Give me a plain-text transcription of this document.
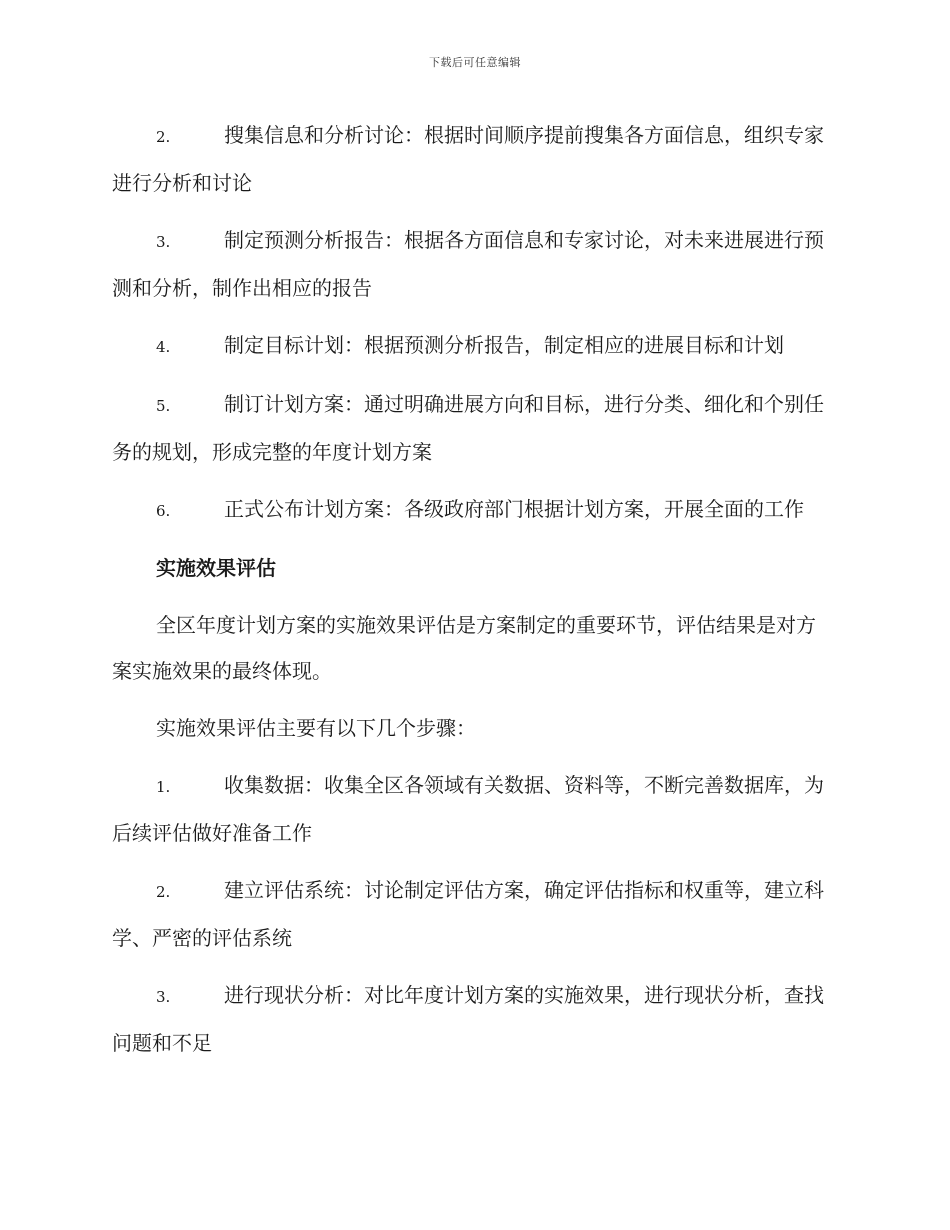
下载后可任意编辑

2.	搜集信息和分析讨论：根据时间顺序提前搜集各方面信息，组织专家进行分析和讨论

3.	制定预测分析报告：根据各方面信息和专家讨论，对未来进展进行预测和分析，制作出相应的报告

4.	制定目标计划：根据预测分析报告，制定相应的进展目标和计划

5.	制订计划方案：通过明确进展方向和目标，进行分类、细化和个别任务的规划，形成完整的年度计划方案

6.	正式公布计划方案：各级政府部门根据计划方案，开展全面的工作

实施效果评估

全区年度计划方案的实施效果评估是方案制定的重要环节，评估结果是对方案实施效果的最终体现。

实施效果评估主要有以下几个步骤：

1.	收集数据：收集全区各领域有关数据、资料等，不断完善数据库，为后续评估做好准备工作

2.	建立评估系统：讨论制定评估方案，确定评估指标和权重等，建立科学、严密的评估系统

3.	进行现状分析：对比年度计划方案的实施效果，进行现状分析，查找问题和不足
